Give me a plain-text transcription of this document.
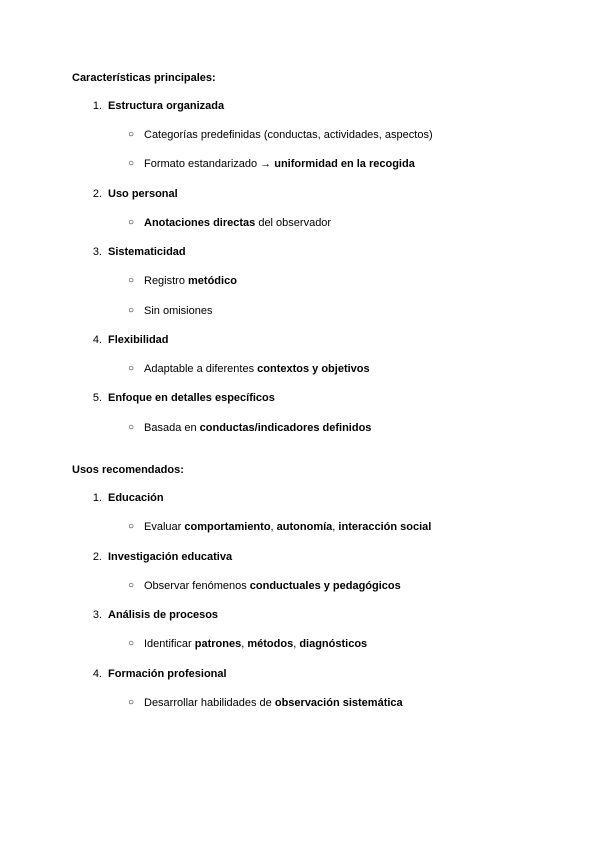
Características principales:
1. Estructura organizada
○ Categorías predefinidas (conductas, actividades, aspectos)
○ Formato estandarizado → uniformidad en la recogida
2. Uso personal
○ Anotaciones directas del observador
3. Sistematicidad
○ Registro metódico
○ Sin omisiones
4. Flexibilidad
○ Adaptable a diferentes contextos y objetivos
5. Enfoque en detalles específicos
○ Basada en conductas/indicadores definidos
Usos recomendados:
1. Educación
○ Evaluar comportamiento, autonomía, interacción social
2. Investigación educativa
○ Observar fenómenos conductuales y pedagógicos
3. Análisis de procesos
○ Identificar patrones, métodos, diagnósticos
4. Formación profesional
○ Desarrollar habilidades de observación sistemática
